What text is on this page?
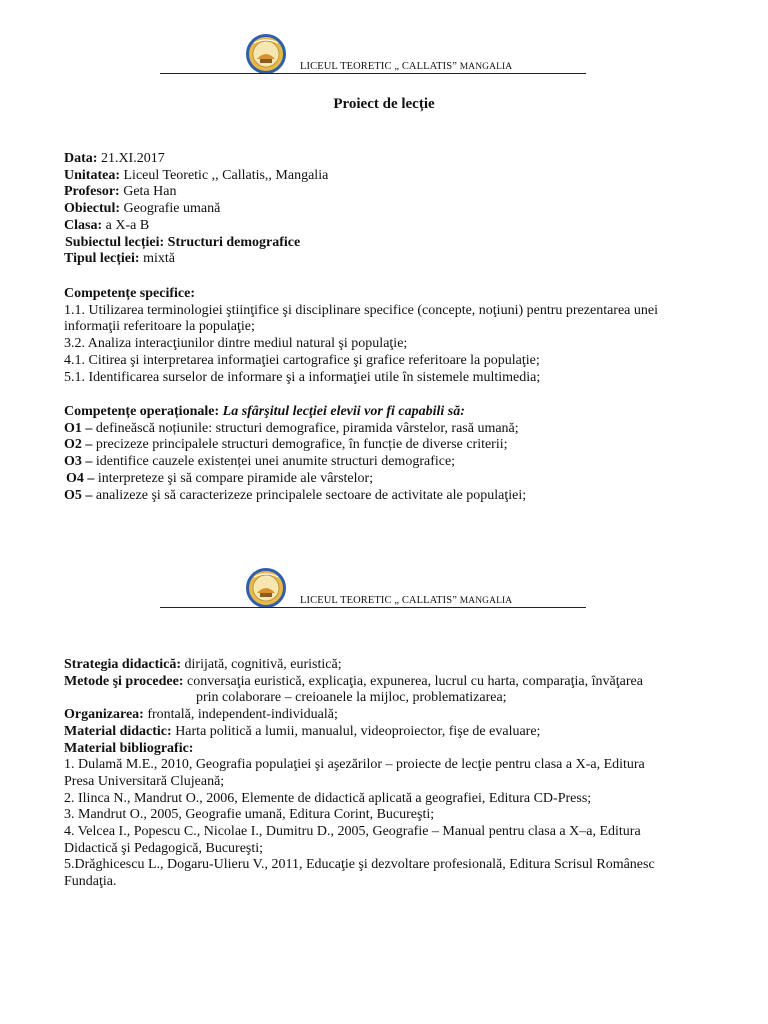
LICEUL TEORETIC „ CALLATIS” MANGALIA
Proiect de lecție
Data: 21.XI.2017
Unitatea: Liceul Teoretic ,, Callatis,, Mangalia
Profesor: Geta Han
Obiectul: Geografie umană
Clasa: a X-a B
Subiectul lecției: Structuri demografice
Tipul lecției: mixtă
Competențe specifice:
1.1. Utilizarea terminologiei ştiinţifice şi disciplinare specifice (concepte, noţiuni) pentru prezentarea unei
informaţii referitoare la populaţie;
3.2. Analiza interacţiunilor dintre mediul natural şi populaţie;
4.1. Citirea şi interpretarea informaţiei cartografice şi grafice referitoare la populaţie;
5.1. Identificarea surselor de informare şi a informaţiei utile în sistemele multimedia;
Competențe operaționale: La sfârşitul lecţiei elevii vor fi capabili să:
O1 – defineăscă noțiunile: structuri demografice, piramida vârstelor, rasă umană;
O2 – precizeze principalele structuri demografice, în funcție de diverse criterii;
O3 – identifice cauzele existenței unei anumite structuri demografice;
O4 – interpreteze şi să compare piramide ale vârstelor;
O5 – analizeze şi să caracterizeze principalele sectoare de activitate ale populaţiei;
LICEUL TEORETIC „ CALLATIS” MANGALIA
Strategia didactică: dirijată, cognitivă, euristică;
Metode şi procedee: conversaţia euristică, explicaţia, expunerea, lucrul cu harta, comparaţia, învăţarea
prin colaborare – creioanele la mijloc, problematizarea;
Organizarea: frontală, independent-individuală;
Material didactic: Harta politică a lumii, manualul, videoproiector, fişe de evaluare;
Material bibliografic:
1. Dulamă M.E., 2010, Geografia populaţiei şi aşezărilor – proiecte de lecţie pentru clasa a X-a, Editura
Presa Universitară Clujeană;
2. Ilinca N., Mandrut O., 2006, Elemente de didactică aplicată a geografiei, Editura CD-Press;
3. Mandrut O., 2005, Geografie umană, Editura Corint, Bucureşti;
4. Velcea I., Popescu C., Nicolae I., Dumitru D., 2005, Geografie – Manual pentru clasa a X–a, Editura
Didactică şi Pedagogică, Bucureşti;
5.Drăghicescu L., Dogaru-Ulieru V., 2011, Educaţie şi dezvoltare profesională, Editura Scrisul Românesc
Fundaţia.
